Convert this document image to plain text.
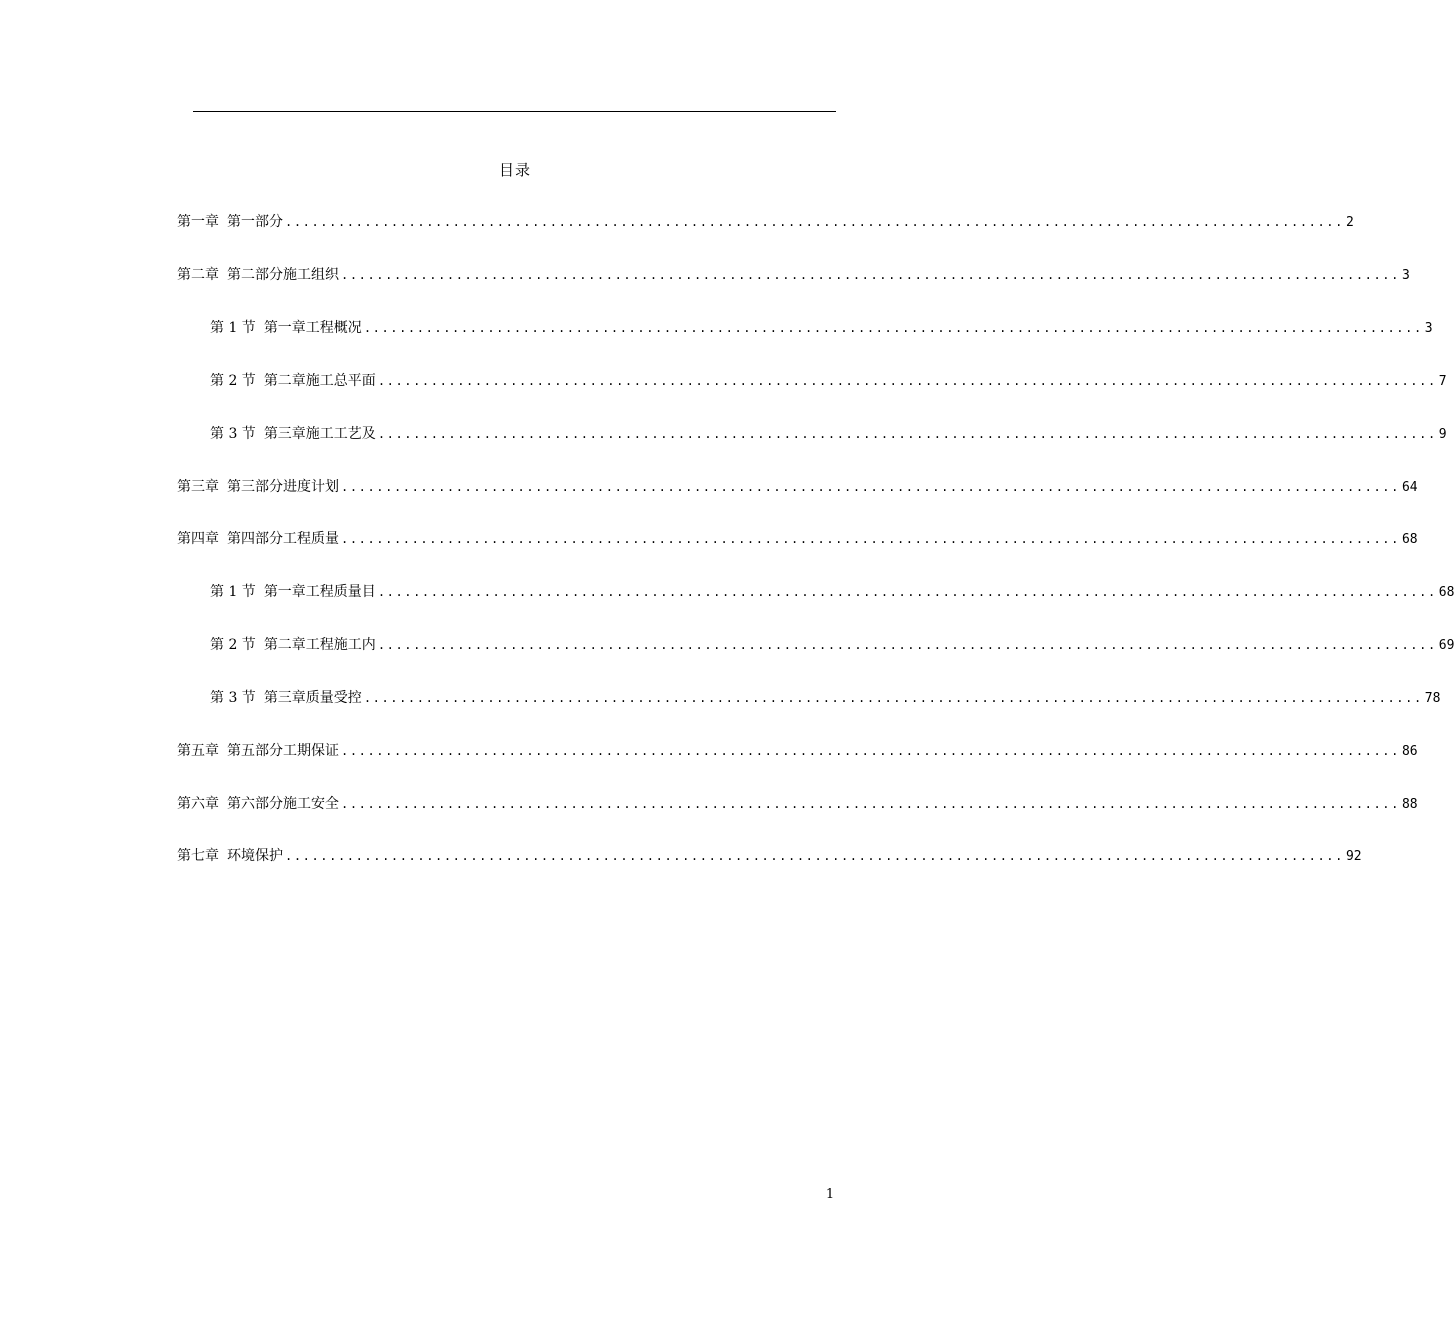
目录
第一章 第一部分 ........................................................................................................................ 2
第二章 第二部分施工组织 ........................................................................................................................ 3
第 1 节 第一章工程概况 ........................................................................................................................ 3
第 2 节 第二章施工总平面 ........................................................................................................................ 7
第 3 节 第三章施工工艺及 ........................................................................................................................ 9
第三章 第三部分进度计划 ........................................................................................................................ 64
第四章 第四部分工程质量 ........................................................................................................................ 68
第 1 节 第一章工程质量目 ........................................................................................................................ 68
第 2 节 第二章工程施工内 ........................................................................................................................ 69
第 3 节 第三章质量受控 ........................................................................................................................ 78
第五章 第五部分工期保证 ........................................................................................................................ 86
第六章 第六部分施工安全 ........................................................................................................................ 88
第七章 环境保护 ........................................................................................................................ 92
1
